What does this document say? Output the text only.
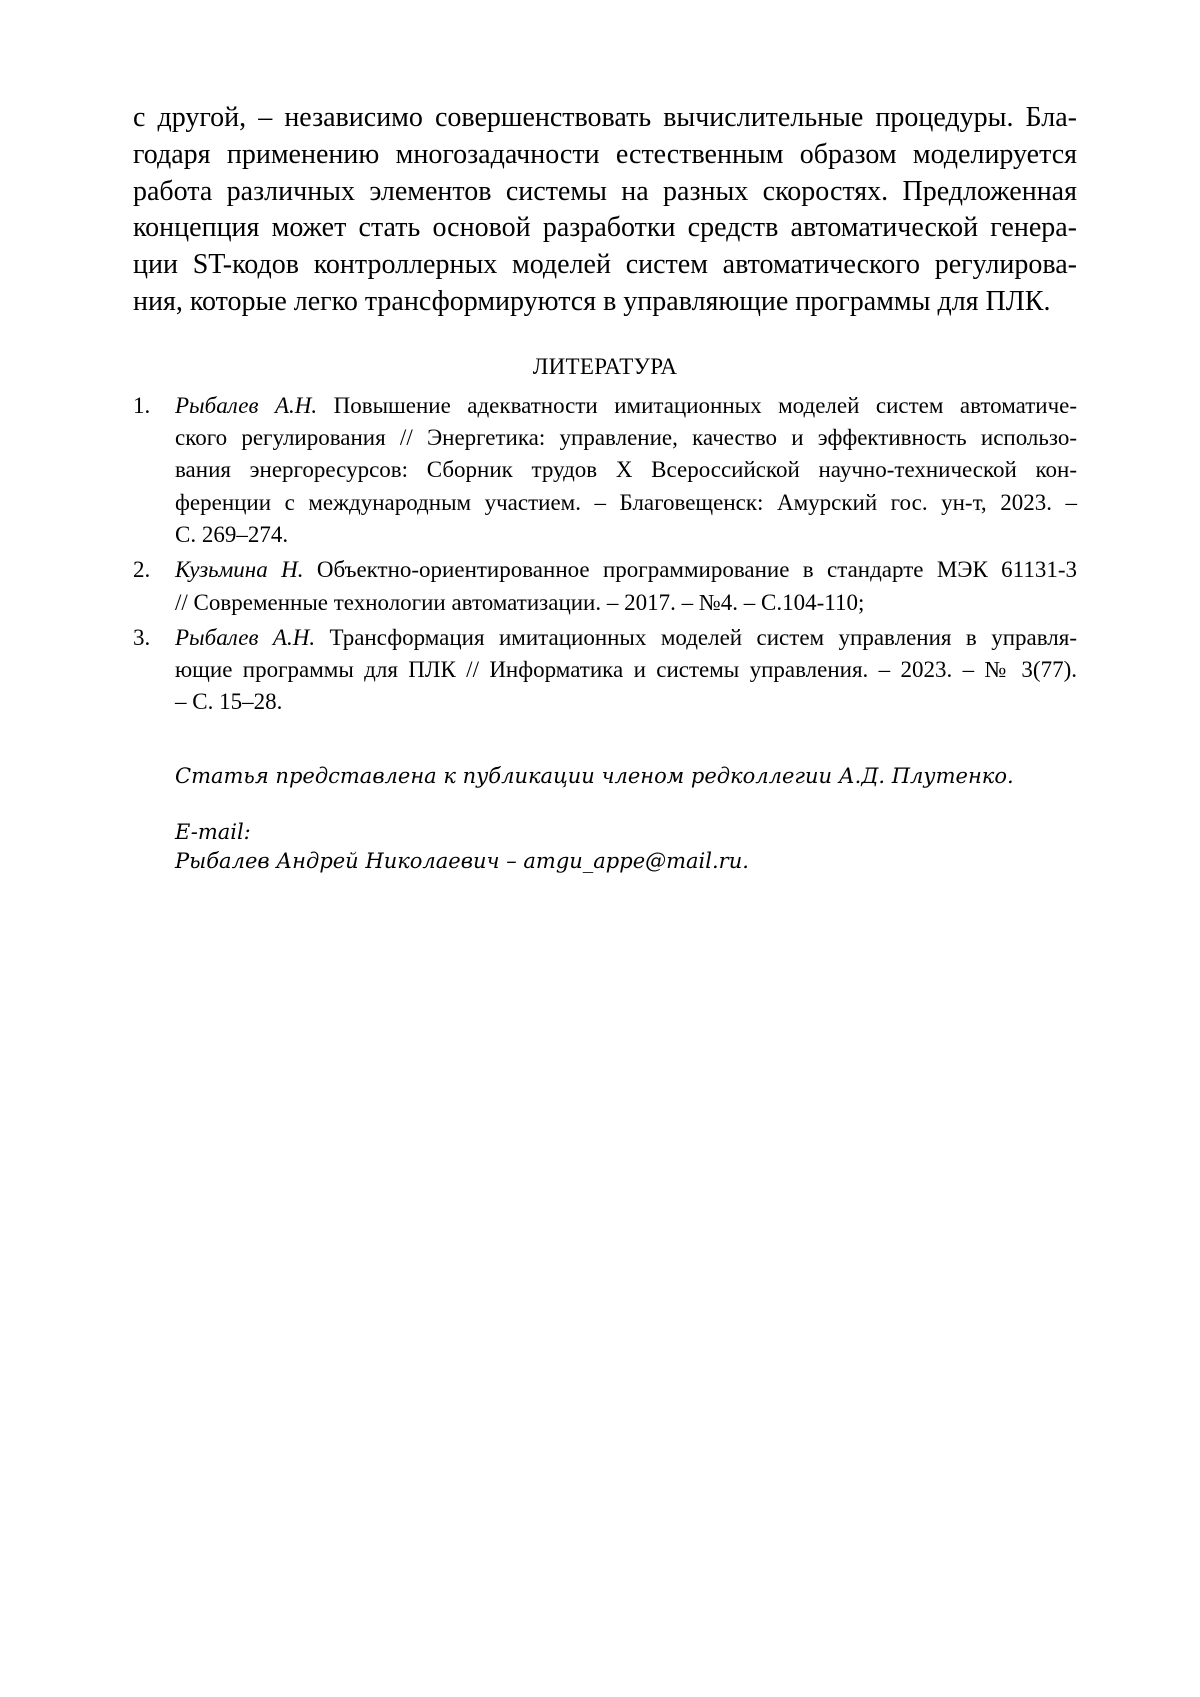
с другой, – независимо совершенствовать вычислительные процедуры. Бла-
годаря применению многозадачности естественным образом моделируется
работа различных элементов системы на разных скоростях. Предложенная
концепция может стать основой разработки средств автоматической генера-
ции ST-кодов контроллерных моделей систем автоматического регулирова-
ния, которые легко трансформируются в управляющие программы для ПЛК.

ЛИТЕРАТУРА
1. Рыбалев А.Н. Повышение адекватности имитационных моделей систем автоматиче-
ского регулирования // Энергетика: управление, качество и эффективность использо-
вания энергоресурсов: Сборник трудов X Всероссийской научно-технической кон-
ференции с международным участием. – Благовещенск: Амурский гос. ун-т, 2023. –
С. 269–274.
2. Кузьмина Н. Объектно-ориентированное программирование в стандарте МЭК 61131-3
// Современные технологии автоматизации. – 2017. – №4. – С.104-110;
3. Рыбалев А.Н. Трансформация имитационных моделей систем управления в управля-
ющие программы для ПЛК // Информатика и системы управления. – 2023. – № 3(77).
– С. 15–28.
Статья представлена к публикации членом редколлегии А.Д. Плутенко.
E-mail:
Рыбалев Андрей Николаевич – amgu_appe@mail.ru.
